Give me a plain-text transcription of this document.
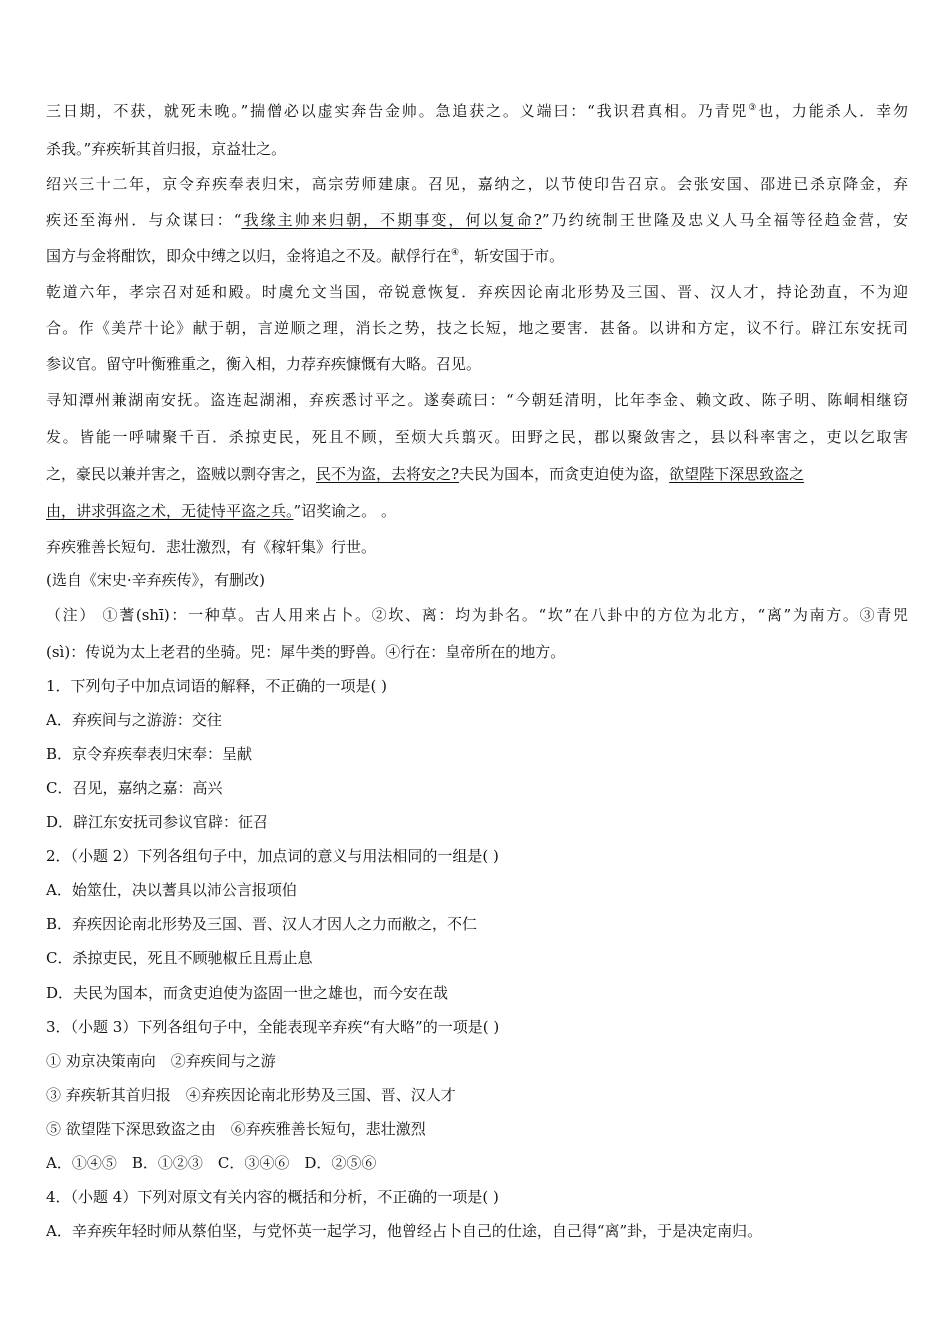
三日期，不获，就死未晚。”揣僧必以虚实奔告金帅。急追获之。义端曰：“我识君真相。乃青兕③也，力能杀人．幸勿
杀我。”弃疾斩其首归报，京益壮之。
绍兴三十二年，京令弃疾奉表归宋，高宗劳师建康。召见，嘉纳之，以节使印告召京。会张安国、邵进已杀京降金，弃
疾还至海州．与众谋曰：“我缘主帅来归朝，不期事变，何以复命?”乃约统制王世隆及忠义人马全福等径趋金营，安
国方与金将酣饮，即众中缚之以归，金将追之不及。献俘行在④，斩安国于市。
乾道六年，孝宗召对延和殿。时虞允文当国，帝锐意恢复．弃疾因论南北形势及三国、晋、汉人才，持论劲直，不为迎
合。作《美芹十论》献于朝，言逆顺之理，消长之势，技之长短，地之要害．甚备。以讲和方定，议不行。辟江东安抚司
参议官。留守叶衡雅重之，衡入相，力荐弃疾慷慨有大略。召见。
寻知潭州兼湖南安抚。盗连起湖湘，弃疾悉讨平之。遂奏疏曰：“今朝廷清明，比年李金、赖文政、陈子明、陈峒相继窃
发。皆能一呼啸聚千百．杀掠吏民，死且不顾，至烦大兵翦灭。田野之民，郡以聚敛害之，县以科率害之，吏以乞取害
之，豪民以兼并害之，盗贼以剽夺害之，民不为盗，去将安之?夫民为国本，而贪吏迫使为盗，欲望陛下深思致盗之
由，讲求弭盗之术，无徒恃平盗之兵。”诏奖谕之。 。
弃疾雅善长短句．悲壮激烈，有《稼轩集》行世。
(选自《宋史·辛弃疾传》，有删改)
（注） ①蓍(shī)：一种草。古人用来占卜。②坎、离：均为卦名。“坎”在八卦中的方位为北方，“离”为南方。③青兕
(sì)：传说为太上老君的坐骑。兕：犀牛类的野兽。④行在：皇帝所在的地方。
1．下列句子中加点词语的解释，不正确的一项是( )
A．弃疾间与之游游：交往
B．京令弃疾奉表归宋奉：呈献
C．召见，嘉纳之嘉：高兴
D．辟江东安抚司参议官辟：征召
2．（小题 2）下列各组句子中，加点词的意义与用法相同的一组是( )
A．始筮仕，决以蓍具以沛公言报项伯
B．弃疾因论南北形势及三国、晋、汉人才因人之力而敝之，不仁
C．杀掠吏民，死且不顾驰椒丘且焉止息
D．夫民为国本，而贪吏迫使为盗固一世之雄也，而今安在哉
3．（小题 3）下列各组句子中，全能表现辛弃疾“有大略”的一项是( )
① 劝京决策南向　②弃疾间与之游
③ 弃疾斩其首归报　④弃疾因论南北形势及三国、晋、汉人才
⑤ 欲望陛下深思致盗之由　⑥弃疾雅善长短句，悲壮激烈
A．①④⑤　B．①②③　C．③④⑥　D．②⑤⑥
4．（小题 4）下列对原文有关内容的概括和分析，不正确的一项是( )
A．辛弃疾年轻时师从蔡伯坚，与党怀英一起学习，他曾经占卜自己的仕途，自己得“离”卦，于是决定南归。
